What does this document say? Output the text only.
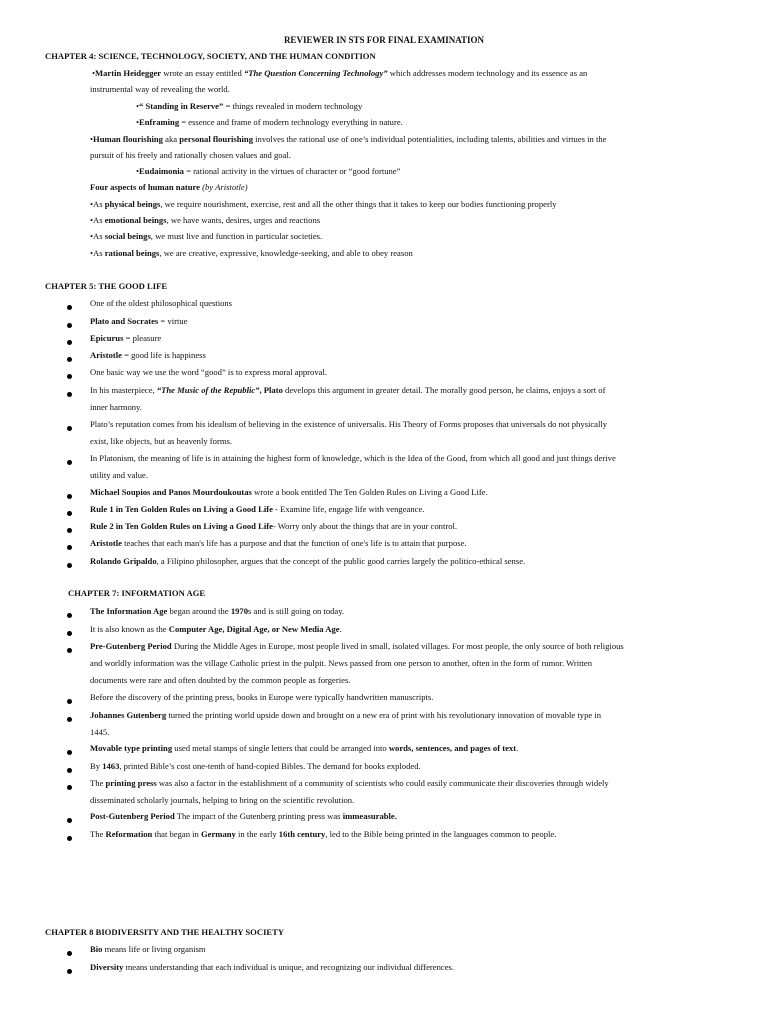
REVIEWER IN STS FOR FINAL EXAMINATION
CHAPTER 4: SCIENCE, TECHNOLOGY, SOCIETY, AND THE HUMAN CONDITION
•Martin Heidegger wrote an essay entitled “The Question Concerning Technology” which addresses modern technology and its essence as an
instrumental way of revealing the world.
•“ Standing in Reserve” = things revealed in modern technology
•Enframing = essence and frame of modern technology everything in nature.
•Human flourishing aka personal flourishing involves the rational use of one’s individual potentialities, including talents, abilities and virtues in the
pursuit of his freely and rationally chosen values and goal.
•Eudaimonia = rational activity in the virtues of character or “good fortune”
Four aspects of human nature (by Aristotle)
•As physical beings, we require nourishment, exercise, rest and all the other things that it takes to keep our bodies functioning properly
•As emotional beings, we have wants, desires, urges and reactions
•As social beings, we must live and function in particular societies.
•As rational beings, we are creative, expressive, knowledge-seeking, and able to obey reason
CHAPTER 5: THE GOOD LIFE
One of the oldest philosophical questions
Plato and Socrates = virtue
Epicurus = pleasure
Aristotle = good life is happiness
One basic way we use the word “good” is to express moral approval.
In his masterpiece, “The Music of the Republic”, Plato develops this argument in greater detail. The morally good person, he claims, enjoys a sort of
inner harmony.
Plato’s reputation comes from his idealism of believing in the existence of universalis. His Theory of Forms proposes that universals do not physically
exist, like objects, but as heavenly forms.
In Platonism, the meaning of life is in attaining the highest form of knowledge, which is the Idea of the Good, from which all good and just things derive
utility and value.
Michael Soupios and Panos Mourdoukoutas wrote a book entitled The Ten Golden Rules on Living a Good Life.
Rule 1 in Ten Golden Rules on Living a Good Life - Examine life, engage life with vengeance.
Rule 2 in Ten Golden Rules on Living a Good Life- Worry only about the things that are in your control.
Aristotle teaches that each man's life has a purpose and that the function of one's life is to attain that purpose.
Rolando Gripaldo, a Filipino philosopher, argues that the concept of the public good carries largely the politico-ethical sense.
CHAPTER 7: INFORMATION AGE
The Information Age began around the 1970s and is still going on today.
It is also known as the Computer Age, Digital Age, or New Media Age.
Pre-Gutenberg Period During the Middle Ages in Europe, most people lived in small, isolated villages. For most people, the only source of both religious
and worldly information was the village Catholic priest in the pulpit. News passed from one person to another, often in the form of rumor. Written
documents were rare and often doubted by the common people as forgeries.
Before the discovery of the printing press, books in Europe were typically handwritten manuscripts.
Johannes Gutenberg turned the printing world upside down and brought on a new era of print with his revolutionary innovation of movable type in
1445.
Movable type printing used metal stamps of single letters that could be arranged into words, sentences, and pages of text.
By 1463, printed Bible’s cost one-tenth of hand-copied Bibles. The demand for books exploded.
The printing press was also a factor in the establishment of a community of scientists who could easily communicate their discoveries through widely
disseminated scholarly journals, helping to bring on the scientific revolution.
Post-Gutenberg Period The impact of the Gutenberg printing press was immeasurable.
The Reformation that began in Germany in the early 16th century, led to the Bible being printed in the languages common to people.
CHAPTER 8 BIODIVERSITY AND THE HEALTHY SOCIETY
Bio means life or living organism
Diversity means understanding that each individual is unique, and recognizing our individual differences.
